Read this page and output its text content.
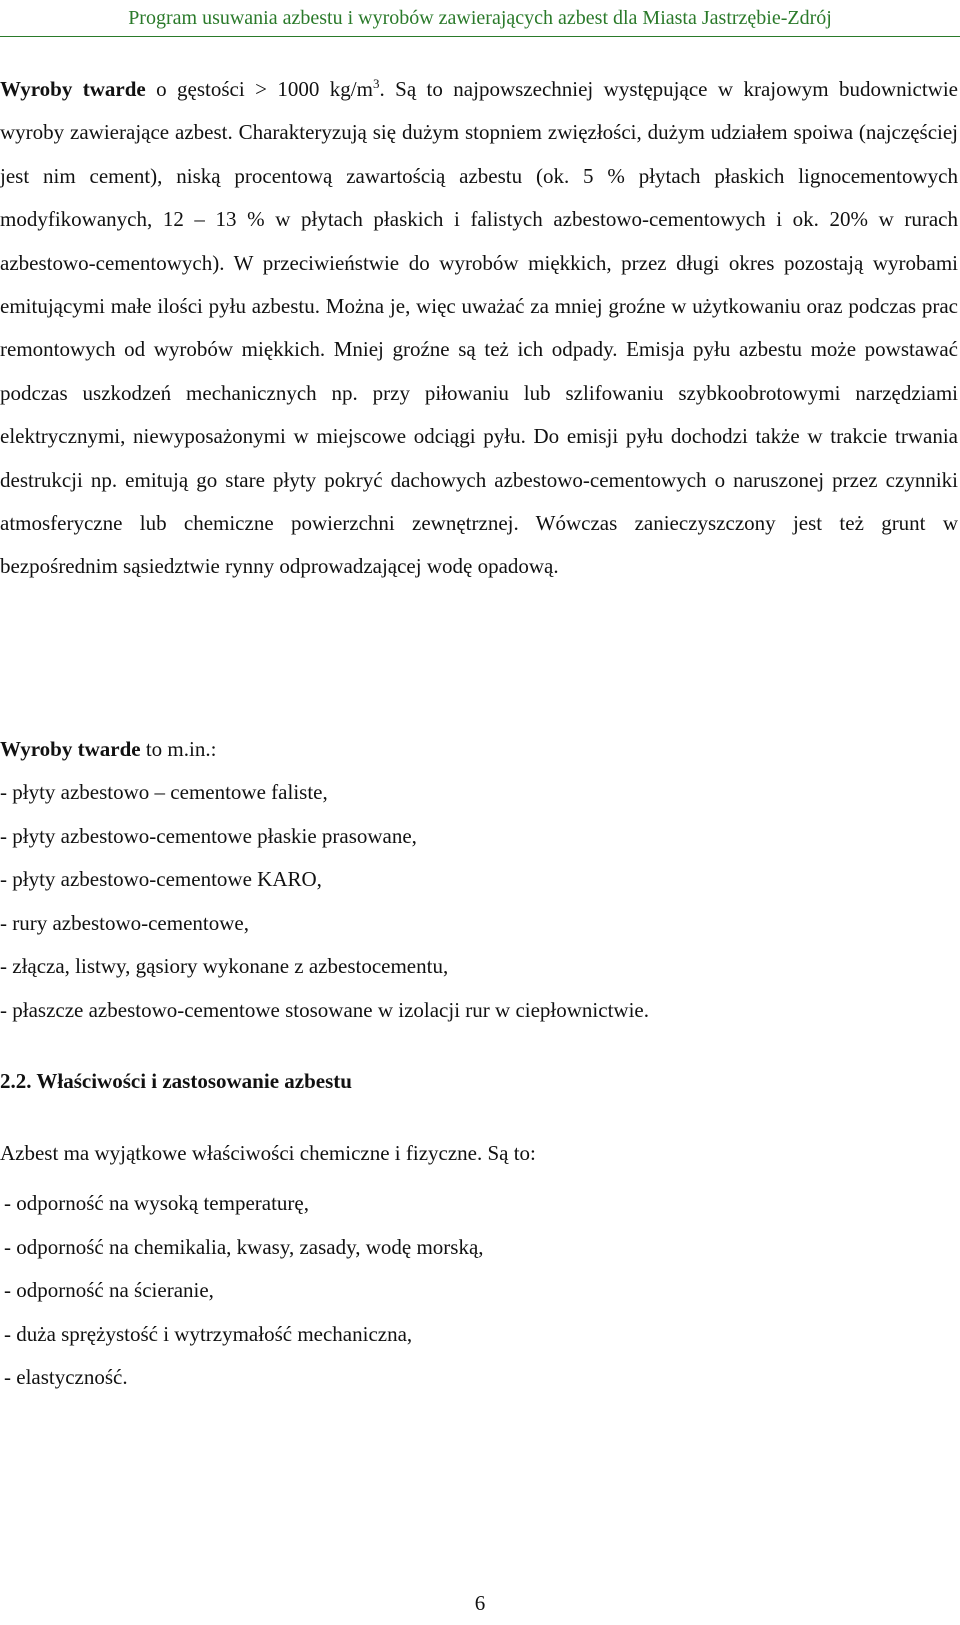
Program usuwania azbestu i wyrobów zawierających azbest dla Miasta Jastrzębie-Zdrój
Wyroby twarde o gęstości > 1000 $kg/m^3$. Są to najpowszechniej występujące w krajowym budownictwie wyroby zawierające azbest. Charakteryzują się dużym stopniem zwięzłości, dużym udziałem spoiwa (najczęściej jest nim cement), niską procentową zawartością azbestu (ok. 5 % płytach płaskich lignocementowych modyfikowanych, 12 – 13 % w płytach płaskich i falistych azbestowo-cementowych i ok. 20% w rurach azbestowo-cementowych). W przeciwieństwie do wyrobów miękkich, przez długi okres pozostają wyrobami emitującymi małe ilości pyłu azbestu. Można je, więc uważać za mniej groźne w użytkowaniu oraz podczas prac remontowych od wyrobów miękkich. Mniej groźne są też ich odpady. Emisja pyłu azbestu może powstawać podczas uszkodzeń mechanicznych np. przy piłowaniu lub szlifowaniu szybkoobrotowymi narzędziami elektrycznymi, niewyposażonymi w miejscowe odciągi pyłu. Do emisji pyłu dochodzi także w trakcie trwania destrukcji np. emitują go stare płyty pokryć dachowych azbestowo-cementowych o naruszonej przez czynniki atmosferyczne lub chemiczne powierzchni zewnętrznej. Wówczas zanieczyszczony jest też grunt w bezpośrednim sąsiedztwie rynny odprowadzającej wodę opadową.
Wyroby twarde to m.in.:
- płyty azbestowo – cementowe faliste,
- płyty azbestowo-cementowe płaskie prasowane,
- płyty azbestowo-cementowe KARO,
- rury azbestowo-cementowe,
- złącza, listwy, gąsiory wykonane z azbestocementu,
- płaszcze azbestowo-cementowe stosowane w izolacji rur w ciepłownictwie.
2.2. Właściwości i zastosowanie azbestu
Azbest ma wyjątkowe właściwości chemiczne i fizyczne. Są to:
- odporność na wysoką temperaturę,
- odporność na chemikalia, kwasy, zasady, wodę morską,
- odporność na ścieranie,
- duża sprężystość i wytrzymałość mechaniczna,
- elastyczność.
6
